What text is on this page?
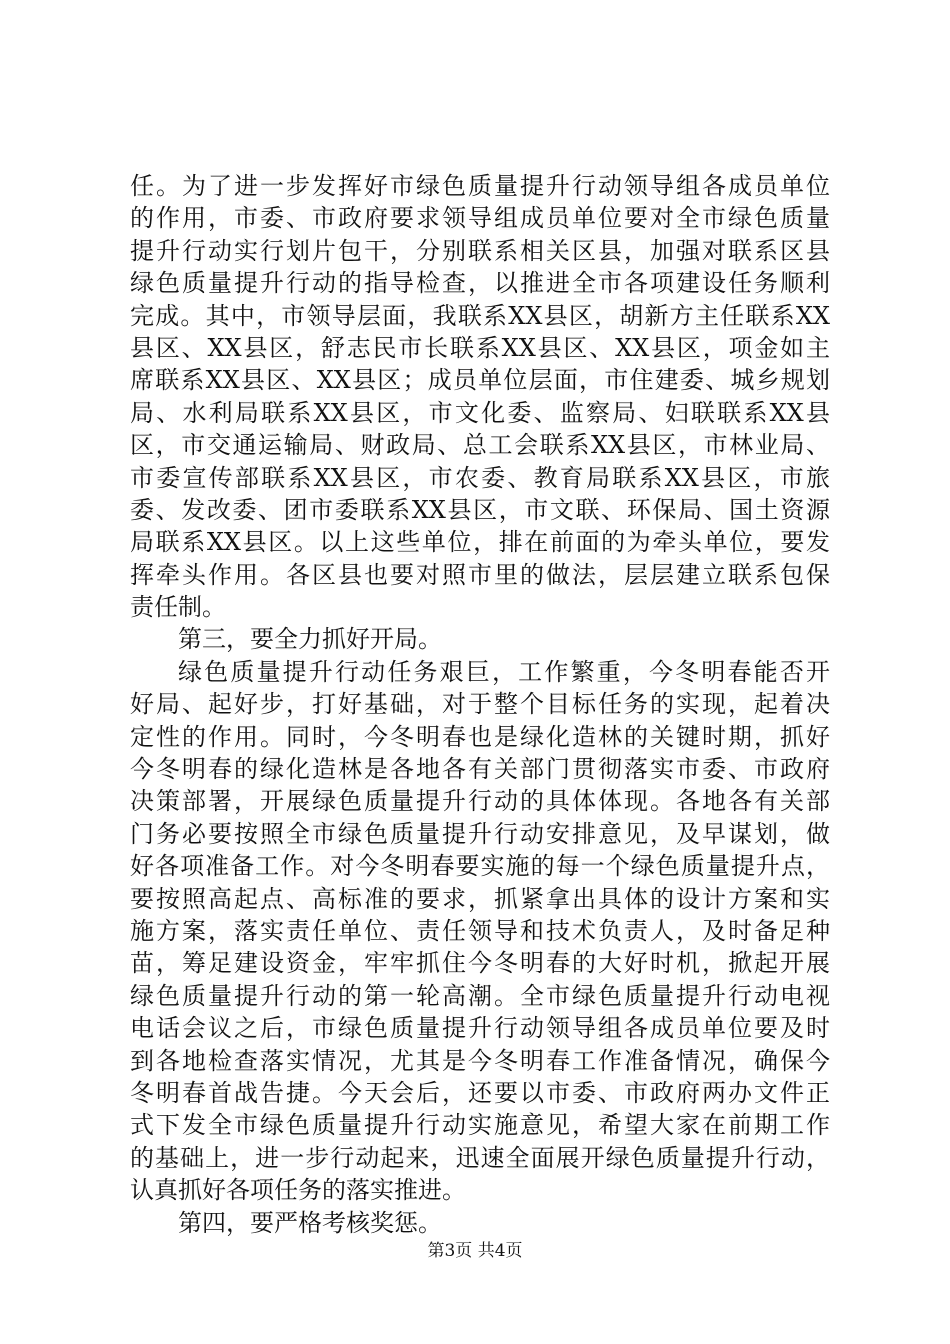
任。为了进一步发挥好市绿色质量提升行动领导组各成员单位
的作用，市委、市政府要求领导组成员单位要对全市绿色质量
提升行动实行划片包干，分别联系相关区县，加强对联系区县
绿色质量提升行动的指导检查，以推进全市各项建设任务顺利
完成。其中，市领导层面，我联系XX县区，胡新方主任联系XX
县区、XX县区，舒志民市长联系XX县区、XX县区，项金如主
席联系XX县区、XX县区；成员单位层面，市住建委、城乡规划
局、水利局联系XX县区，市文化委、监察局、妇联联系XX县
区，市交通运输局、财政局、总工会联系XX县区，市林业局、
市委宣传部联系XX县区，市农委、教育局联系XX县区，市旅
委、发改委、团市委联系XX县区，市文联、环保局、国土资源
局联系XX县区。以上这些单位，排在前面的为牵头单位，要发
挥牵头作用。各区县也要对照市里的做法，层层建立联系包保
责任制。
第三，要全力抓好开局。
绿色质量提升行动任务艰巨，工作繁重，今冬明春能否开
好局、起好步，打好基础，对于整个目标任务的实现，起着决
定性的作用。同时，今冬明春也是绿化造林的关键时期，抓好
今冬明春的绿化造林是各地各有关部门贯彻落实市委、市政府
决策部署，开展绿色质量提升行动的具体体现。各地各有关部
门务必要按照全市绿色质量提升行动安排意见，及早谋划，做
好各项准备工作。对今冬明春要实施的每一个绿色质量提升点，
要按照高起点、高标准的要求，抓紧拿出具体的设计方案和实
施方案，落实责任单位、责任领导和技术负责人，及时备足种
苗，筹足建设资金，牢牢抓住今冬明春的大好时机，掀起开展
绿色质量提升行动的第一轮高潮。全市绿色质量提升行动电视
电话会议之后，市绿色质量提升行动领导组各成员单位要及时
到各地检查落实情况，尤其是今冬明春工作准备情况，确保今
冬明春首战告捷。今天会后，还要以市委、市政府两办文件正
式下发全市绿色质量提升行动实施意见，希望大家在前期工作
的基础上，进一步行动起来，迅速全面展开绿色质量提升行动，
认真抓好各项任务的落实推进。
第四，要严格考核奖惩。
第3页 共4页
